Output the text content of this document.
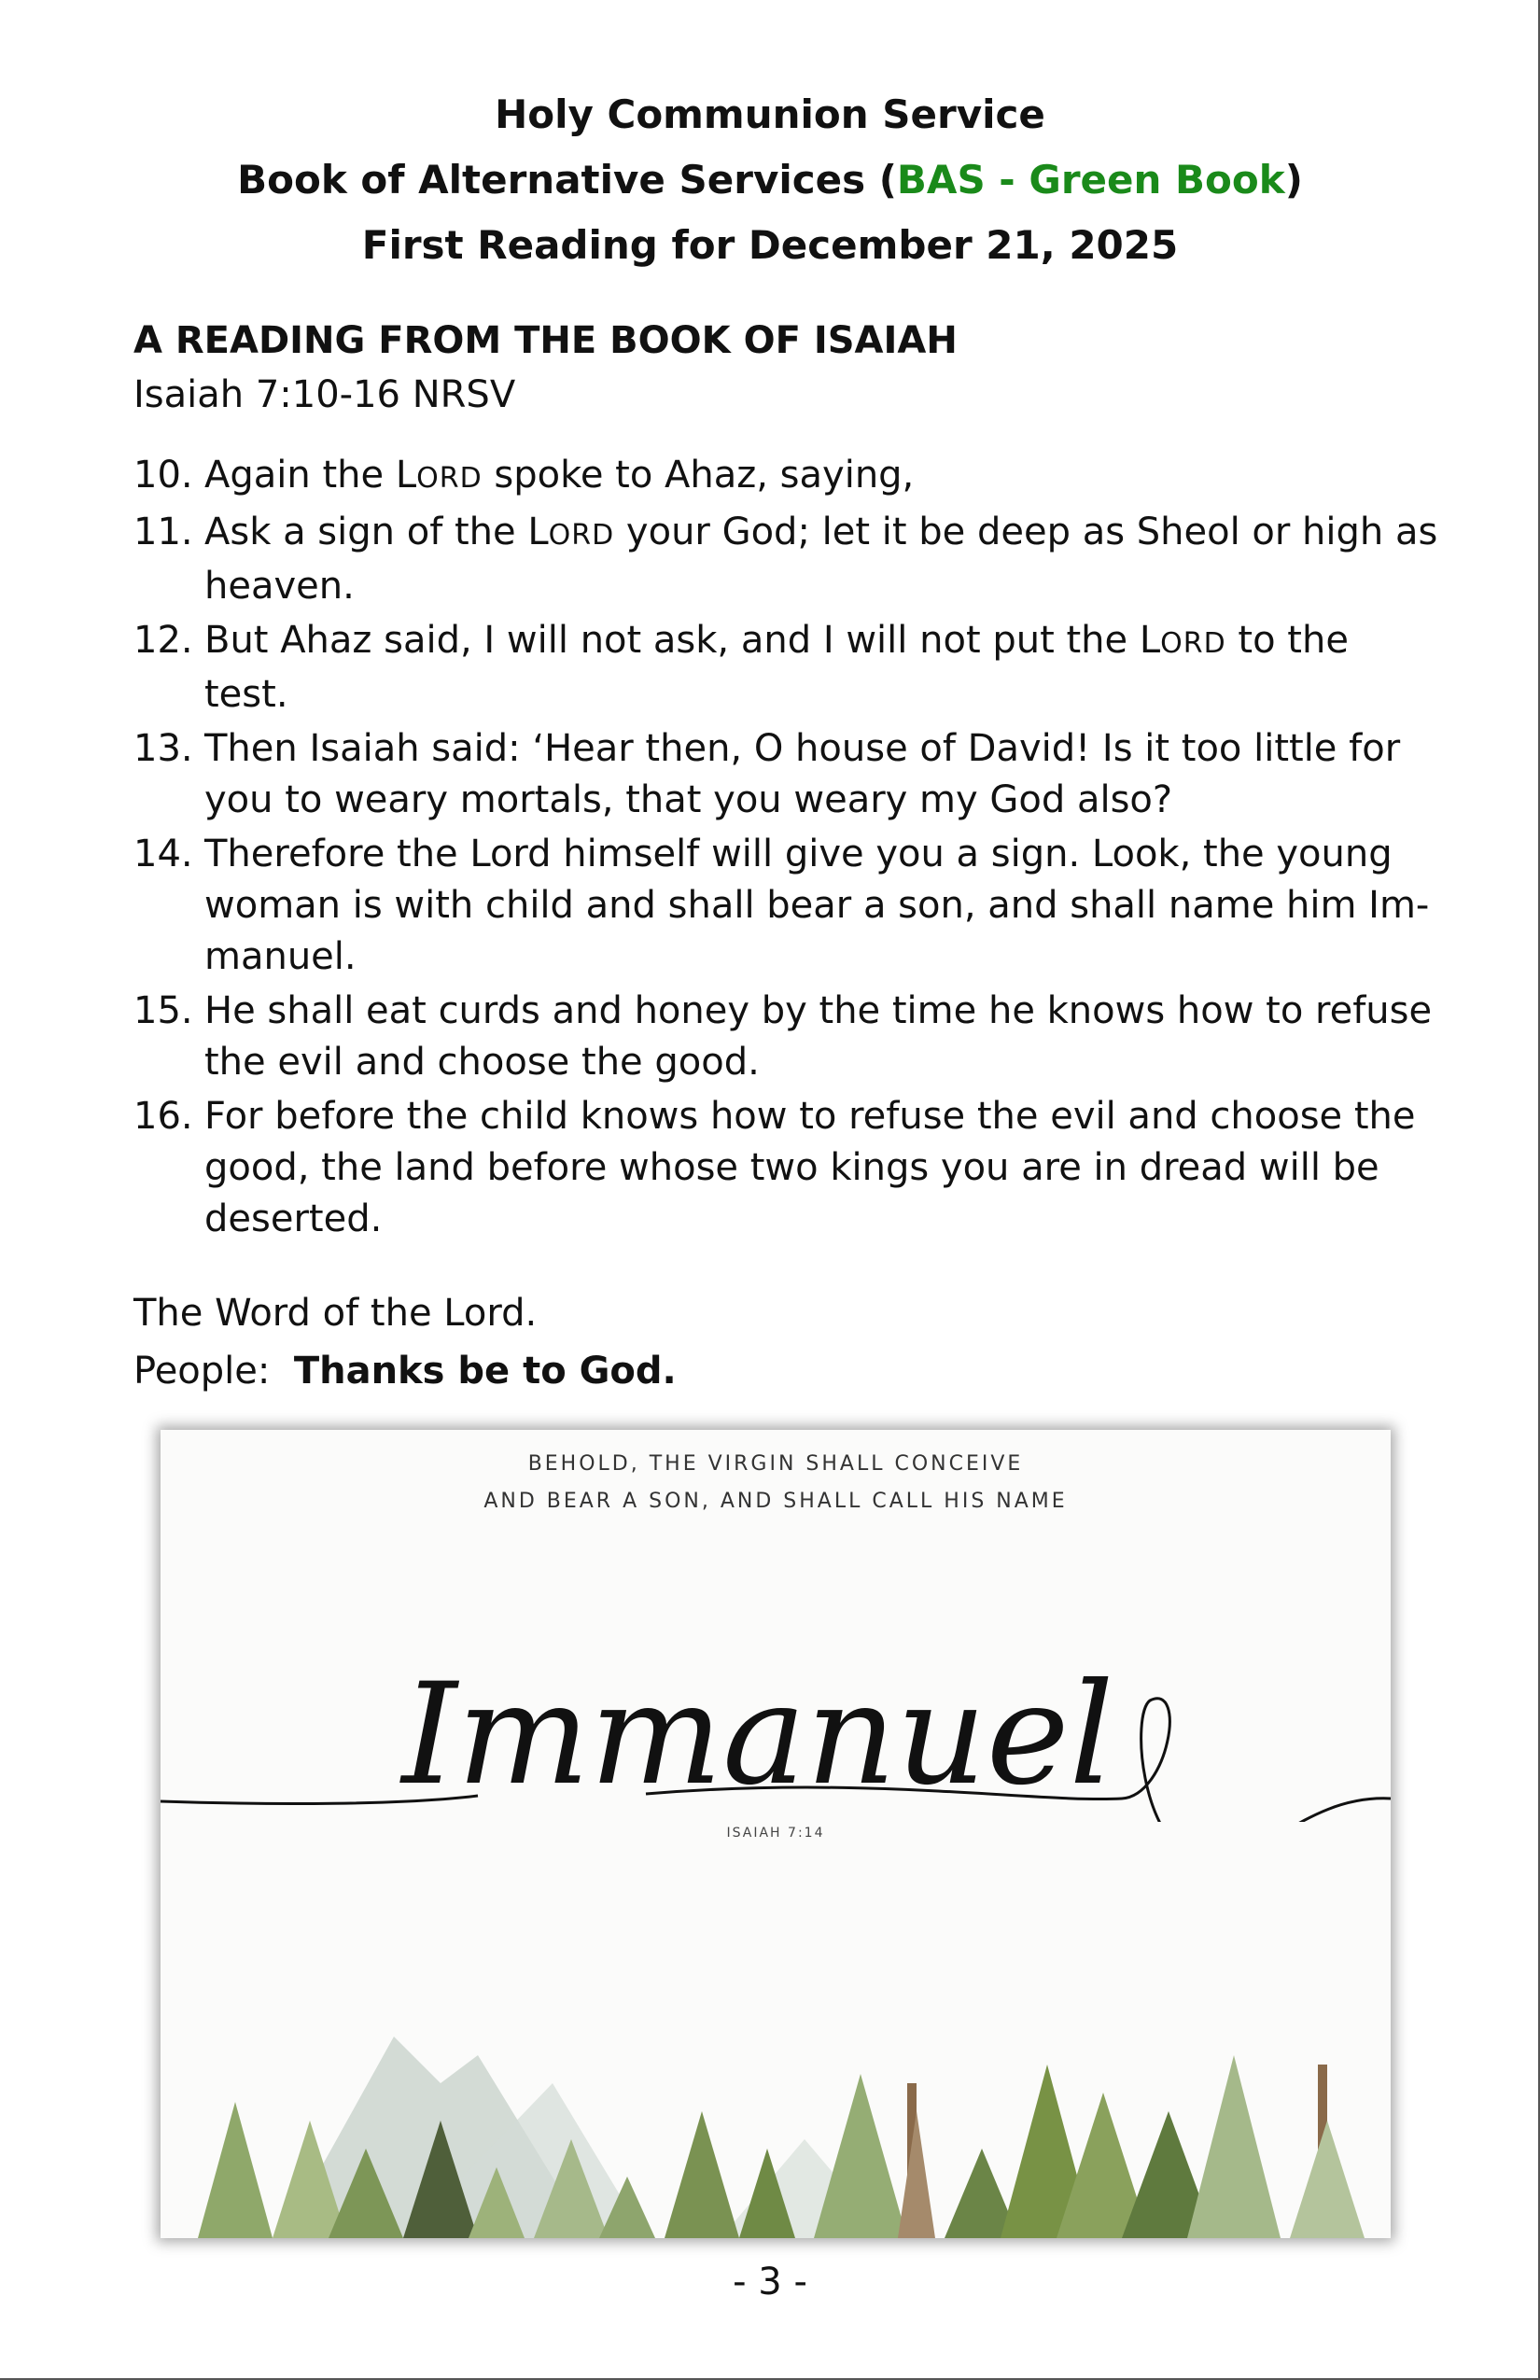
Holy Communion Service
Book of Alternative Services (BAS - Green Book)
First Reading for December 21, 2025
A READING FROM THE BOOK OF ISAIAH
Isaiah 7:10-16 NRSV
10. Again the LORD spoke to Ahaz, saying,
11. Ask a sign of the LORD your God; let it be deep as Sheol or high as heaven.
12. But Ahaz said, I will not ask, and I will not put the LORD to the test.
13. Then Isaiah said: ‘Hear then, O house of David! Is it too little for you to weary mortals, that you weary my God also?
14. Therefore the Lord himself will give you a sign. Look, the young woman is with child and shall bear a son, and shall name him Im-manuel.
15. He shall eat curds and honey by the time he knows how to refuse the evil and choose the good.
16. For before the child knows how to refuse the evil and choose the good, the land before whose two kings you are in dread will be deserted.
The Word of the Lord.
People: Thanks be to God.
BEHOLD, THE VIRGIN SHALL CONCEIVE
AND BEAR A SON, AND SHALL CALL HIS NAME
Immanuel
ISAIAH 7:14
- 3 -
